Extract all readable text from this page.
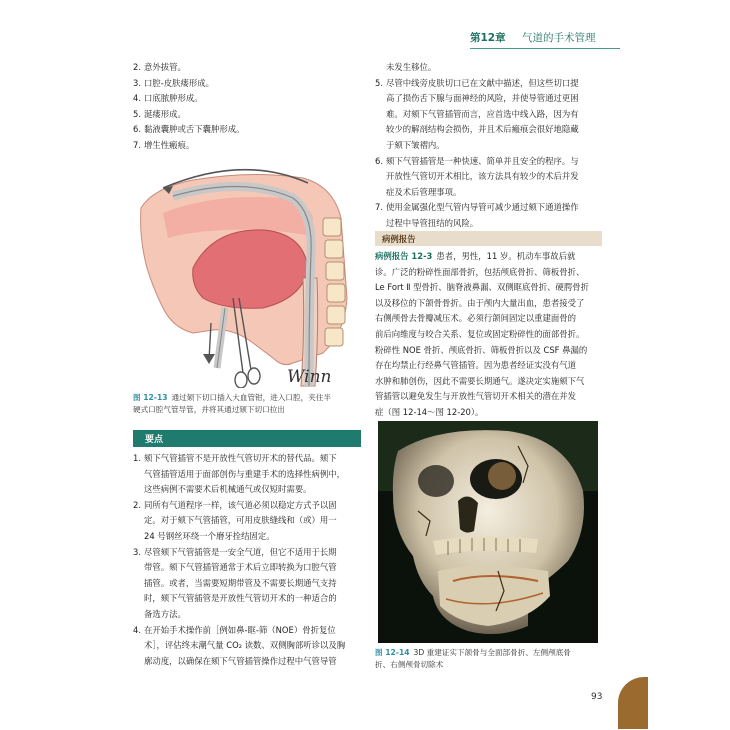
第12章 气道的手术管理
2. 意外拔管。
3. 口腔-皮肤瘘形成。
4. 口底脓肿形成。
5. 涎瘘形成。
6. 黏液囊肿或舌下囊肿形成。
7. 增生性瘢痕。
Winn
图 12-13 通过颏下切口插入大血管钳，进入口腔，夹住半
硬式口腔气管导管，并将其通过颏下切口拉出
要点
1. 颏下气管插管不是开放性气管切开术的替代品。颏下
气管插管适用于面部创伤与重建手术的选择性病例中，
这些病例不需要术后机械通气或仅短时需要。
2. 同所有气道程序一样，该气道必须以稳定方式予以固
定。对于颏下气管插管，可用皮肤缝线和（或）用一
24 号钢丝环绕一个磨牙拴结固定。
3. 尽管颏下气管插管是一安全气道，但它不适用于长期
带管。颏下气管插管通常于术后立即转换为口腔气管
插管。或者，当需要短期带管及不需要长期通气支持
时，颏下气管插管是开放性气管切开术的一种适合的
备选方法。
4. 在开始手术操作前［例如鼻-眶-筛（NOE）骨折复位
术］，评估终末潮气量 CO₂ 读数、双侧胸部听诊以及胸
廓动度，以确保在颏下气管插管操作过程中气管导管
未发生移位。
5. 尽管中线旁皮肤切口已在文献中描述，但这些切口提
高了损伤舌下腺与面神经的风险，并使导管通过更困
难。对颏下气管插管而言，应首选中线入路，因为有
较少的解剖结构会损伤，并且术后瘢痕会很好地隐藏
于颏下皱褶内。
6. 颏下气管插管是一种快速、简单并且安全的程序。与
开放性气管切开术相比，该方法具有较少的术后并发
症及术后管理事项。
7. 使用金属强化型气管内导管可减少通过颏下通道操作
过程中导管扭结的风险。
病例报告
病例报告 12-3 患者，男性，11 岁。机动车事故后就
诊。广泛的粉碎性面部骨折，包括颅底骨折、筛板骨折、
Le Fort Ⅱ 型骨折、脑脊液鼻漏、双侧眶底骨折、硬腭骨折
以及移位的下颌骨骨折。由于颅内大量出血，患者接受了
右侧颅骨去骨瓣减压术。必须行颌间固定以重建面骨的
前后向维度与咬合关系、复位或固定粉碎性的面部骨折。
粉碎性 NOE 骨折、颅底骨折、筛板骨折以及 CSF 鼻漏的
存在均禁止行经鼻气管插管。因为患者经证实没有气道
水肿和肺创伤，因此不需要长期通气。遂决定实施颏下气
管插管以避免发生与开放性气管切开术相关的潜在并发
症（图 12-14～图 12-20）。
图 12-14 3D 重建证实下颌骨与全面部骨折、左侧颅底骨
折、右侧颅骨切除术
93
